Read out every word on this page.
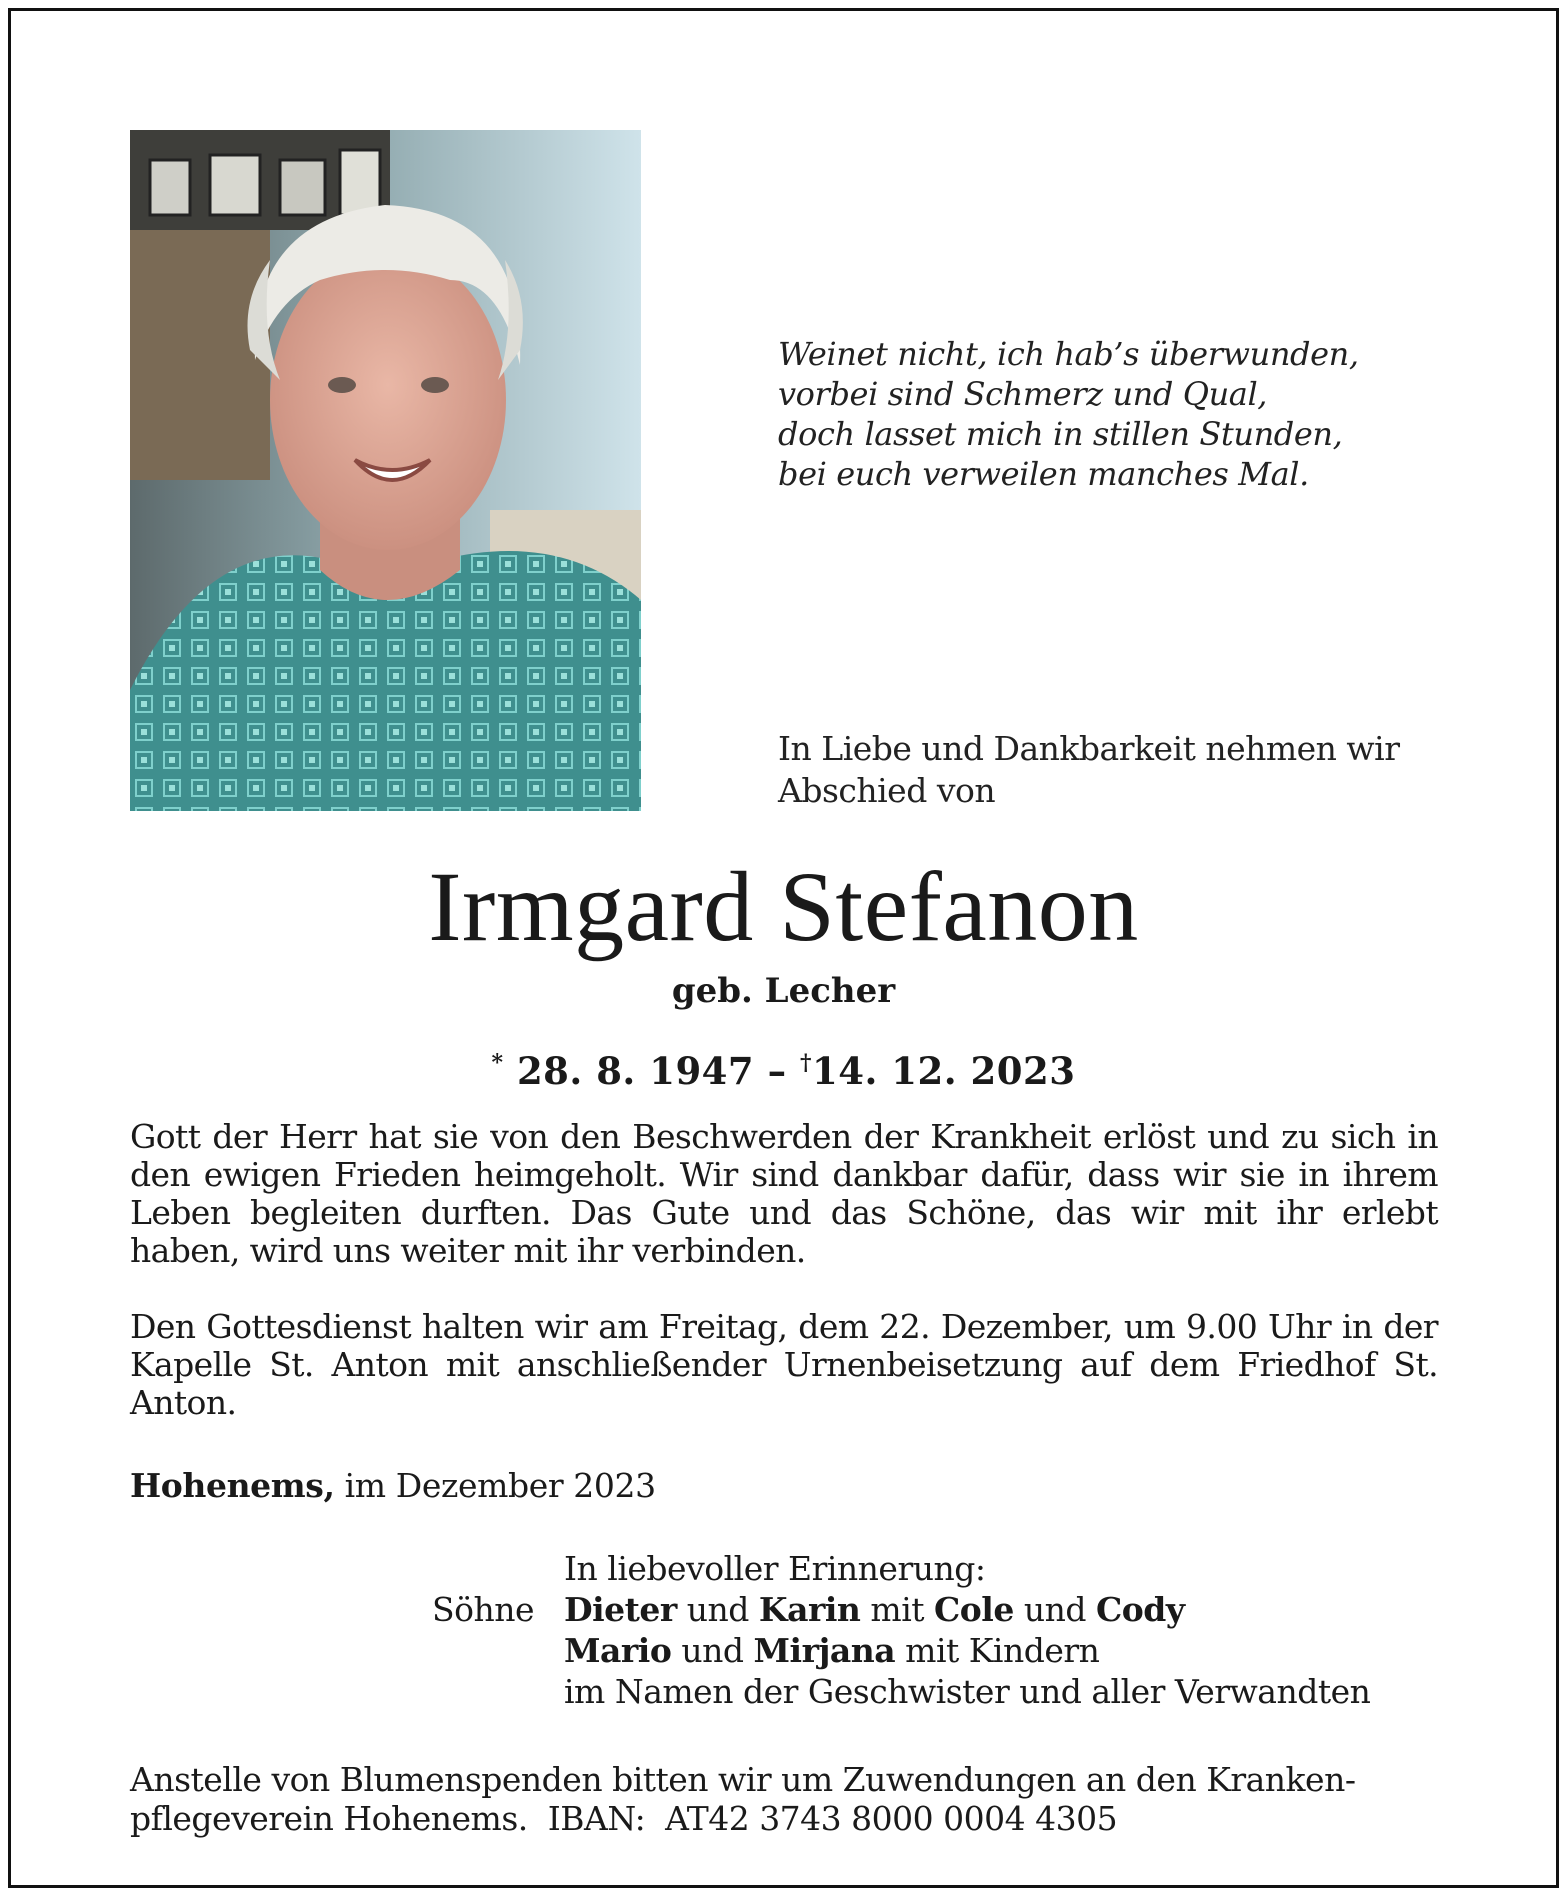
Weinet nicht, ich hab’s überwunden,
vorbei sind Schmerz und Qual,
doch lasset mich in stillen Stunden,
bei euch verweilen manches Mal.
In Liebe und Dankbarkeit nehmen wir
Abschied von
Irmgard Stefanon
geb. Lecher
* 28. 8. 1947 – †14. 12. 2023
Gott der Herr hat sie von den Beschwerden der Krankheit erlöst und zu sich in den ewigen Frieden heimgeholt. Wir sind dankbar dafür, dass wir sie in ihrem Leben begleiten durften. Das Gute und das Schöne, das wir mit ihr erlebt haben, wird uns weiter mit ihr verbinden.
Den Gottesdienst halten wir am Freitag, dem 22. Dezember, um 9.00 Uhr in der Kapelle St. Anton mit anschließender Urnenbeisetzung auf dem Friedhof St. Anton.
Hohenems, im Dezember 2023
Söhne
In liebevoller Erinnerung:
Dieter und Karin mit Cole und Cody
Mario und Mirjana mit Kindern
im Namen der Geschwister und aller Verwandten
Anstelle von Blumenspenden bitten wir um Zuwendungen an den Kranken-
pflegeverein Hohenems.  IBAN:  AT42 3743 8000 0004 4305
